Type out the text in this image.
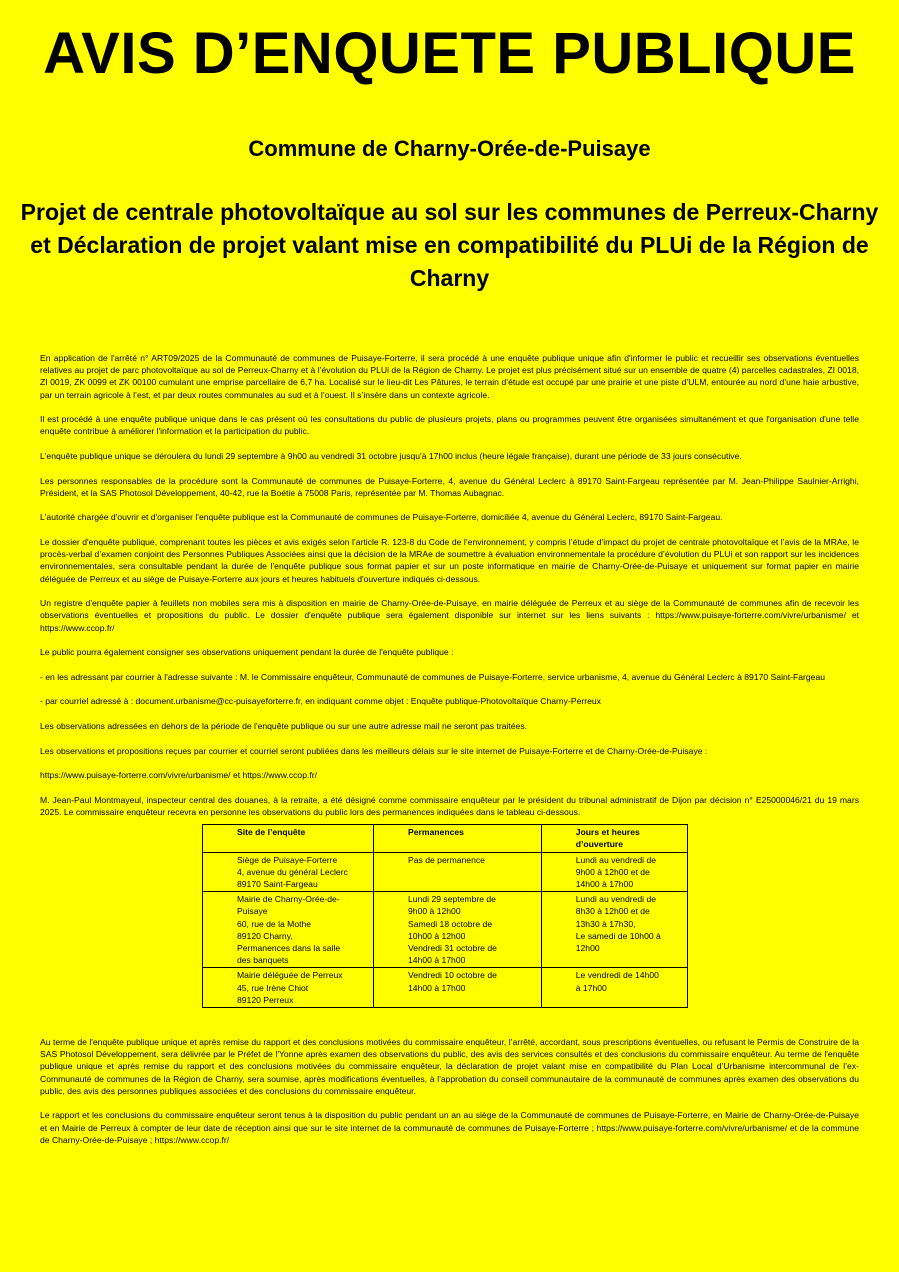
AVIS D’ENQUETE PUBLIQUE
Commune de Charny-Orée-de-Puisaye
Projet de centrale photovoltaïque au sol sur les communes de Perreux-Charny et Déclaration de projet valant mise en compatibilité du PLUi de la Région de Charny

En application de l'arrêté n° ART09/2025 de la Communauté de communes de Puisaye-Forterre, il sera procédé à une enquête publique unique afin d'informer le public et recueillir ses observations éventuelles relatives au projet de parc photovoltaïque au sol de Perreux-Charny et à l’évolution du PLUi de la Région de Charny. Le projet est plus précisément situé sur un ensemble de quatre (4) parcelles cadastrales, ZI 0018, ZI 0019, ZK 0099 et ZK 00100 cumulant une emprise parcellaire de 6,7 ha. Localisé sur le lieu-dit Les Pâtures, le terrain d’étude est occupé par une prairie et une piste d’ULM, entourée au nord d’une haie arbustive, par un terrain agricole à l’est, et par deux routes communales au sud et à l’ouest. Il s’insère dans un contexte agricole.

Il est procédé à une enquête publique unique dans le cas présent où les consultations du public de plusieurs projets, plans ou programmes peuvent être organisées simultanément et que l'organisation d'une telle enquête contribue à améliorer l'information et la participation du public.

L'enquête publique unique se déroulera du lundi 29 septembre à 9h00 au vendredi 31 octobre jusqu'à 17h00 inclus (heure légale française), durant une période de 33 jours consécutive.

Les personnes responsables de la procédure sont la Communauté de communes de Puisaye-Forterre, 4, avenue du Général Leclerc à 89170 Saint-Fargeau représentée par M. Jean-Philippe Saulnier-Arrighi, Président, et la SAS Photosol Développement, 40-42, rue la Boétie à 75008 Paris, représentée par M. Thomas Aubagnac.

L'autorité chargée d'ouvrir et d'organiser l'enquête publique est la Communauté de communes de Puisaye-Forterre, domiciliée 4, avenue du Général Leclerc, 89170 Saint-Fargeau.

Le dossier d'enquête publique, comprenant toutes les pièces et avis exigés selon l’article R. 123-8 du Code de l’environnement, y compris l’étude d’impact du projet de centrale photovoltaïque et l’avis de la MRAe, le procès-verbal d’examen conjoint des Personnes Publiques Associées ainsi que la décision de la MRAe de soumettre à évaluation environnementale la procédure d’évolution du PLUi et son rapport sur les incidences environnementales, sera consultable pendant la durée de l'enquête publique sous format papier et sur un poste informatique en mairie de Charny-Orée-de-Puisaye et uniquement sur format papier en mairie déléguée de Perreux et au siège de Puisaye-Forterre aux jours et heures habituels d'ouverture indiqués ci-dessous.

Un registre d'enquête papier à feuillets non mobiles sera mis à disposition en mairie de Charny-Orée-de-Puisaye, en mairie déléguée de Perreux et au siège de la Communauté de communes afin de recevoir les observations éventuelles et propositions du public. Le dossier d'enquête publique sera également disponible sur internet sur les liens suivants : https://www.puisaye-forterre.com/vivre/urbanisme/ et https://www.ccop.fr/

Le public pourra également consigner ses observations uniquement pendant la durée de l'enquête publique :

- en les adressant par courrier à l'adresse suivante : M. le Commissaire enquêteur, Communauté de communes de Puisaye-Forterre, service urbanisme, 4, avenue du Général Leclerc à 89170 Saint-Fargeau

- par courriel adressé à : document.urbanisme@cc-puisayeforterre.fr, en indiquant comme objet : Enquête publique-Photovoltaïque Charny-Perreux

Les observations adressées en dehors de la période de l'enquête publique ou sur une autre adresse mail ne seront pas traitées.

Les observations et propositions reçues par courrier et courriel seront publiées dans les meilleurs délais sur le site internet de Puisaye-Forterre et de Charny-Orée-de-Puisaye :

https://www.puisaye-forterre.com/vivre/urbanisme/ et https://www.ccop.fr/

M. Jean-Paul Montmayeul, inspecteur central des douanes, à la retraite, a été désigné comme commissaire enquêteur par le président du tribunal administratif de Dijon par décision n° E25000046/21 du 19 mars 2025. Le commissaire enquêteur recevra en personne les observations du public lors des permanences indiquées dans le tableau ci-dessous.

Site de l’enquête	Permanences	Jours et heures d’ouverture
Siège de Puisaye-Forterre
4, avenue du général Leclerc
89170 Saint-Fargeau	Pas de permanence	Lundi au vendredi de 9h00 à 12h00 et de 14h00 à 17h00
Mairie de Charny-Orée-de-Puisaye
60, rue de la Mothe
89120 Charny,
Permanences dans la salle des banquets	Lundi 29 septembre de 9h00 à 12h00
Samedi 18 octobre de 10h00 à 12h00
Vendredi 31 octobre de 14h00 à 17h00	Lundi au vendredi de 8h30 à 12h00 et de 13h30 à 17h30,
Le samedi de 10h00 à 12h00
Mairie déléguée de Perreux
45, rue Irène Chiot
89120 Perreux	Vendredi 10 octobre de 14h00 à 17h00	Le vendredi de 14h00 à 17h00

Au terme de l'enquête publique unique et après remise du rapport et des conclusions motivées du commissaire enquêteur, l’arrêté, accordant, sous prescriptions éventuelles, ou refusant le Permis de Construire de la SAS Photosol Développement, sera délivrée par le Préfet de l'Yonne après examen des observations du public, des avis des services consultés et des conclusions du commissaire enquêteur. Au terme de l'enquête publique unique et après remise du rapport et des conclusions motivées du commissaire enquêteur, la déclaration de projet valant mise en compatibilité du Plan Local d’Urbanisme intercommunal de l’ex-Communauté de communes de la Région de Charny, sera soumise, après modifications éventuelles, à l'approbation du conseil communautaire de la communauté de communes après examen des observations du public, des avis des personnes publiques associées et des conclusions du commissaire enquêteur.

Le rapport et les conclusions du commissaire enquêteur seront tenus à la disposition du public pendant un an au siège de la Communauté de communes de Puisaye-Forterre, en Mairie de Charny-Orée-de-Puisaye et en Mairie de Perreux à compter de leur date de réception ainsi que sur le site internet de la communauté de communes de Puisaye-Forterre ; https://www.puisaye-forterre.com/vivre/urbanisme/ et de la commune de Charny-Orée-de-Puisaye ; https://www.ccop.fr/
